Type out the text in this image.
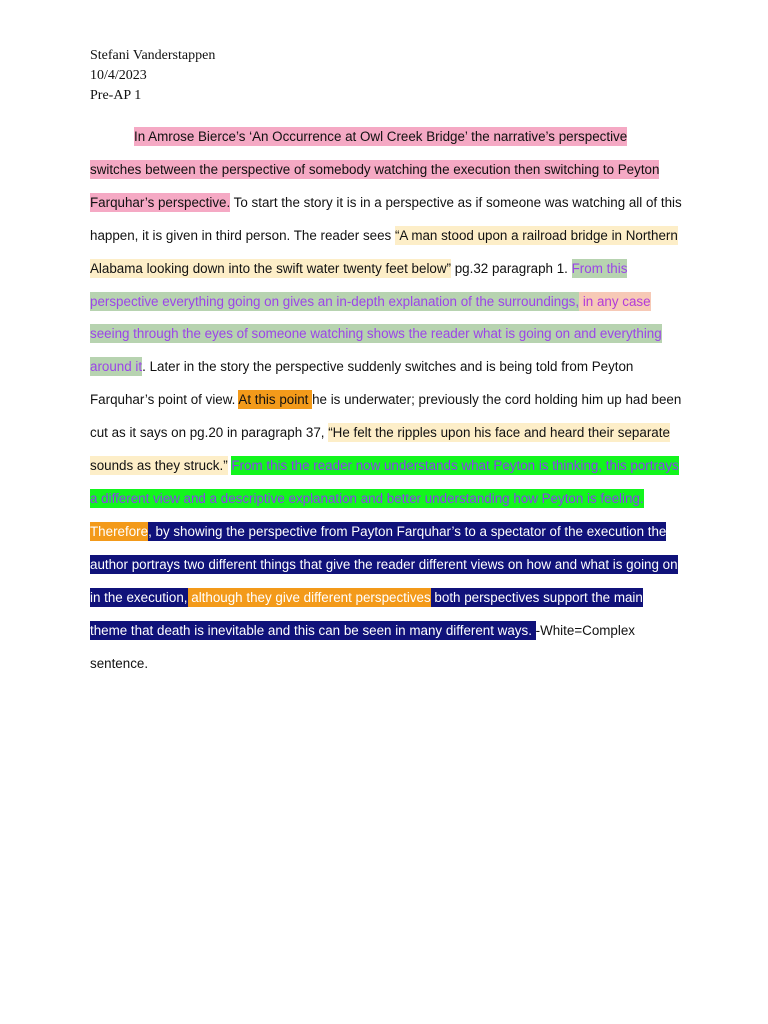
Stefani Vanderstappen
10/4/2023
Pre-AP 1

In Amrose Bierce’s ‘An Occurrence at Owl Creek Bridge’ the narrative’s perspective switches between the perspective of somebody watching the execution then switching to Peyton Farquhar’s perspective. To start the story it is in a perspective as if someone was watching all of this happen, it is given in third person. The reader sees “A man stood upon a railroad bridge in Northern Alabama looking down into the swift water twenty feet below” pg.32 paragraph 1. From this perspective everything going on gives an in-depth explanation of the surroundings, in any case seeing through the eyes of someone watching shows the reader what is going on and everything around it. Later in the story the perspective suddenly switches and is being told from Peyton Farquhar’s point of view. At this point he is underwater; previously the cord holding him up had been cut as it says on pg.20 in paragraph 37, “He felt the ripples upon his face and heard their separate sounds as they struck.” From this the reader now understands what Peyton is thinking, this portrays a different view and a descriptive explanation and better understanding how Peyton is feeling. Therefore, by showing the perspective from Payton Farquhar’s to a spectator of the execution the author portrays two different things that give the reader different views on how and what is going on in the execution, although they give different perspectives both perspectives support the main theme that death is inevitable and this can be seen in many different ways. -White=Complex sentence.
